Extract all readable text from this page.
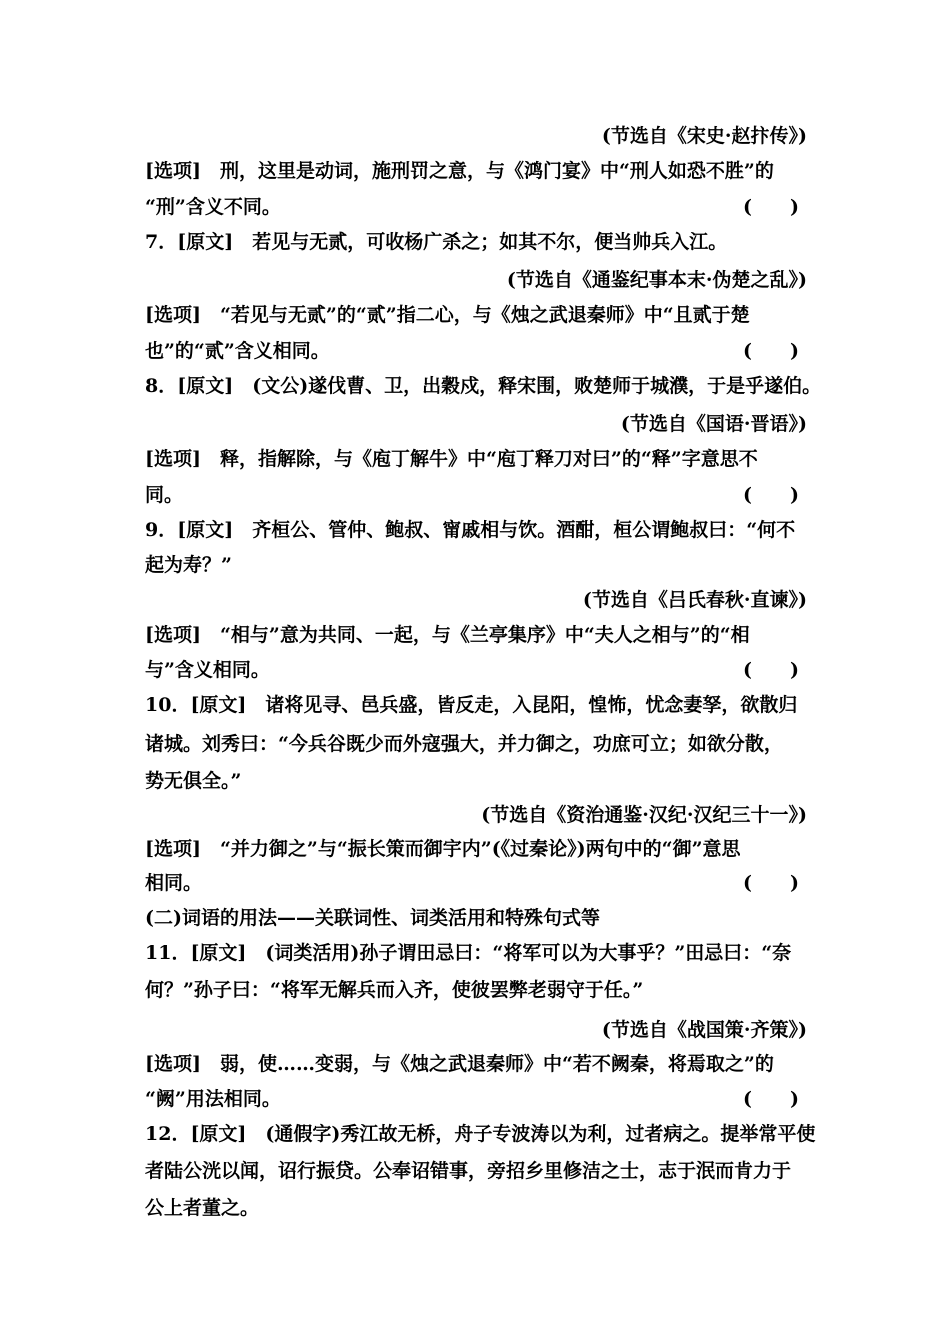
(节选自《宋史·赵抃传》)
[选项]　刑，这里是动词，施刑罚之意，与《鸿门宴》中“刑人如恐不胜”的
“刑”含义不同。	(　　)
7．[原文]　若见与无贰，可收杨广杀之；如其不尔，便当帅兵入江。
(节选自《通鉴纪事本末·伪楚之乱》)
[选项]　“若见与无贰”的“贰”指二心，与《烛之武退秦师》中“且贰于楚
也”的“贰”含义相同。	(　　)
8．[原文]　(文公)遂伐曹、卫，出穀戍，释宋围，败楚师于城濮，于是乎遂伯。
(节选自《国语·晋语》)
[选项]　释，指解除，与《庖丁解牛》中“庖丁释刀对曰”的“释”字意思不
同。	(　　)
9．[原文]　齐桓公、管仲、鲍叔、甯戚相与饮。酒酣，桓公谓鲍叔曰：“何不
起为寿？”
(节选自《吕氏春秋·直谏》)
[选项]　“相与”意为共同、一起，与《兰亭集序》中“夫人之相与”的“相
与”含义相同。	(　　)
10．[原文]　诸将见寻、邑兵盛，皆反走，入昆阳，惶怖，忧念妻孥，欲散归
诸城。刘秀曰：“今兵谷既少而外寇强大，并力御之，功庶可立；如欲分散，
势无俱全。”
(节选自《资治通鉴·汉纪·汉纪三十一》)
[选项]　“并力御之”与“振长策而御宇内”(《过秦论》)两句中的“御”意思
相同。	(　　)
(二)词语的用法——关联词性、词类活用和特殊句式等
11．[原文]　(词类活用)孙子谓田忌曰：“将军可以为大事乎？”田忌曰：“奈
何？”孙子曰：“将军无解兵而入齐，使彼罢弊老弱守于任。”
(节选自《战国策·齐策》)
[选项]　弱，使……变弱，与《烛之武退秦师》中“若不阙秦，将焉取之”的
“阙”用法相同。	(　　)
12．[原文]　(通假字)秀江故无桥，舟子专波涛以为利，过者病之。提举常平使
者陆公洸以闻，诏行振贷。公奉诏错事，旁招乡里修洁之士，志于泯而肯力于
公上者董之。
